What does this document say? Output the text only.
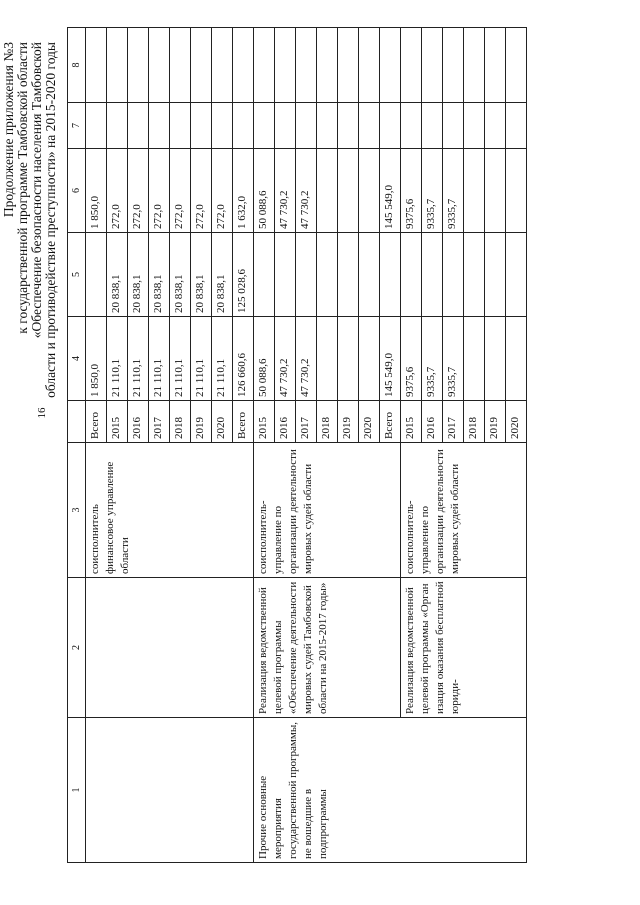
16
Продолжение приложения №3 к государственной программе Тамбовской области «Обеспечение безопасности населения Тамбовской области и противодействие преступности» на 2015-2020 годы
1	2	3		4	5	6	7	8
		соисполнитель финансовое управление области	Всего	1 850,0		1 850,0		
			2015	21 110,1	20 838,1	272,0		
			2016	21 110,1	20 838,1	272,0		
			2017	21 110,1	20 838,1	272,0		
			2018	21 110,1	20 838,1	272,0		
			2019	21 110,1	20 838,1	272,0		
			2020	21 110,1	20 838,1	272,0		
			Всего	126 660,6	125 028,6	1 632,0		
Прочие основные мероприятия государственной программы, не вошедшие в подпрограммы	Реализация ведомственной целевой программы «Обеспечение деятельности мировых судей Тамбовской области на 2015-2017 годы»	соисполнитель- управление по организации деятельности мировых судей области	2015	50 088,6		50 088,6		
			2016	47 730,2		47 730,2		
			2017	47 730,2		47 730,2		
			2018					
			2019					
			2020					
			Всего	145 549,0		145 549,0		
	Реализация ведомственной целевой программы «Организация оказания бесплатной юриди-	соисполнитель- управление по организации деятельности мировых судей области	2015	9375,6		9375,6		
			2016	9335,7		9335,7		
			2017	9335,7		9335,7		
			2018					
			2019					
			2020					
